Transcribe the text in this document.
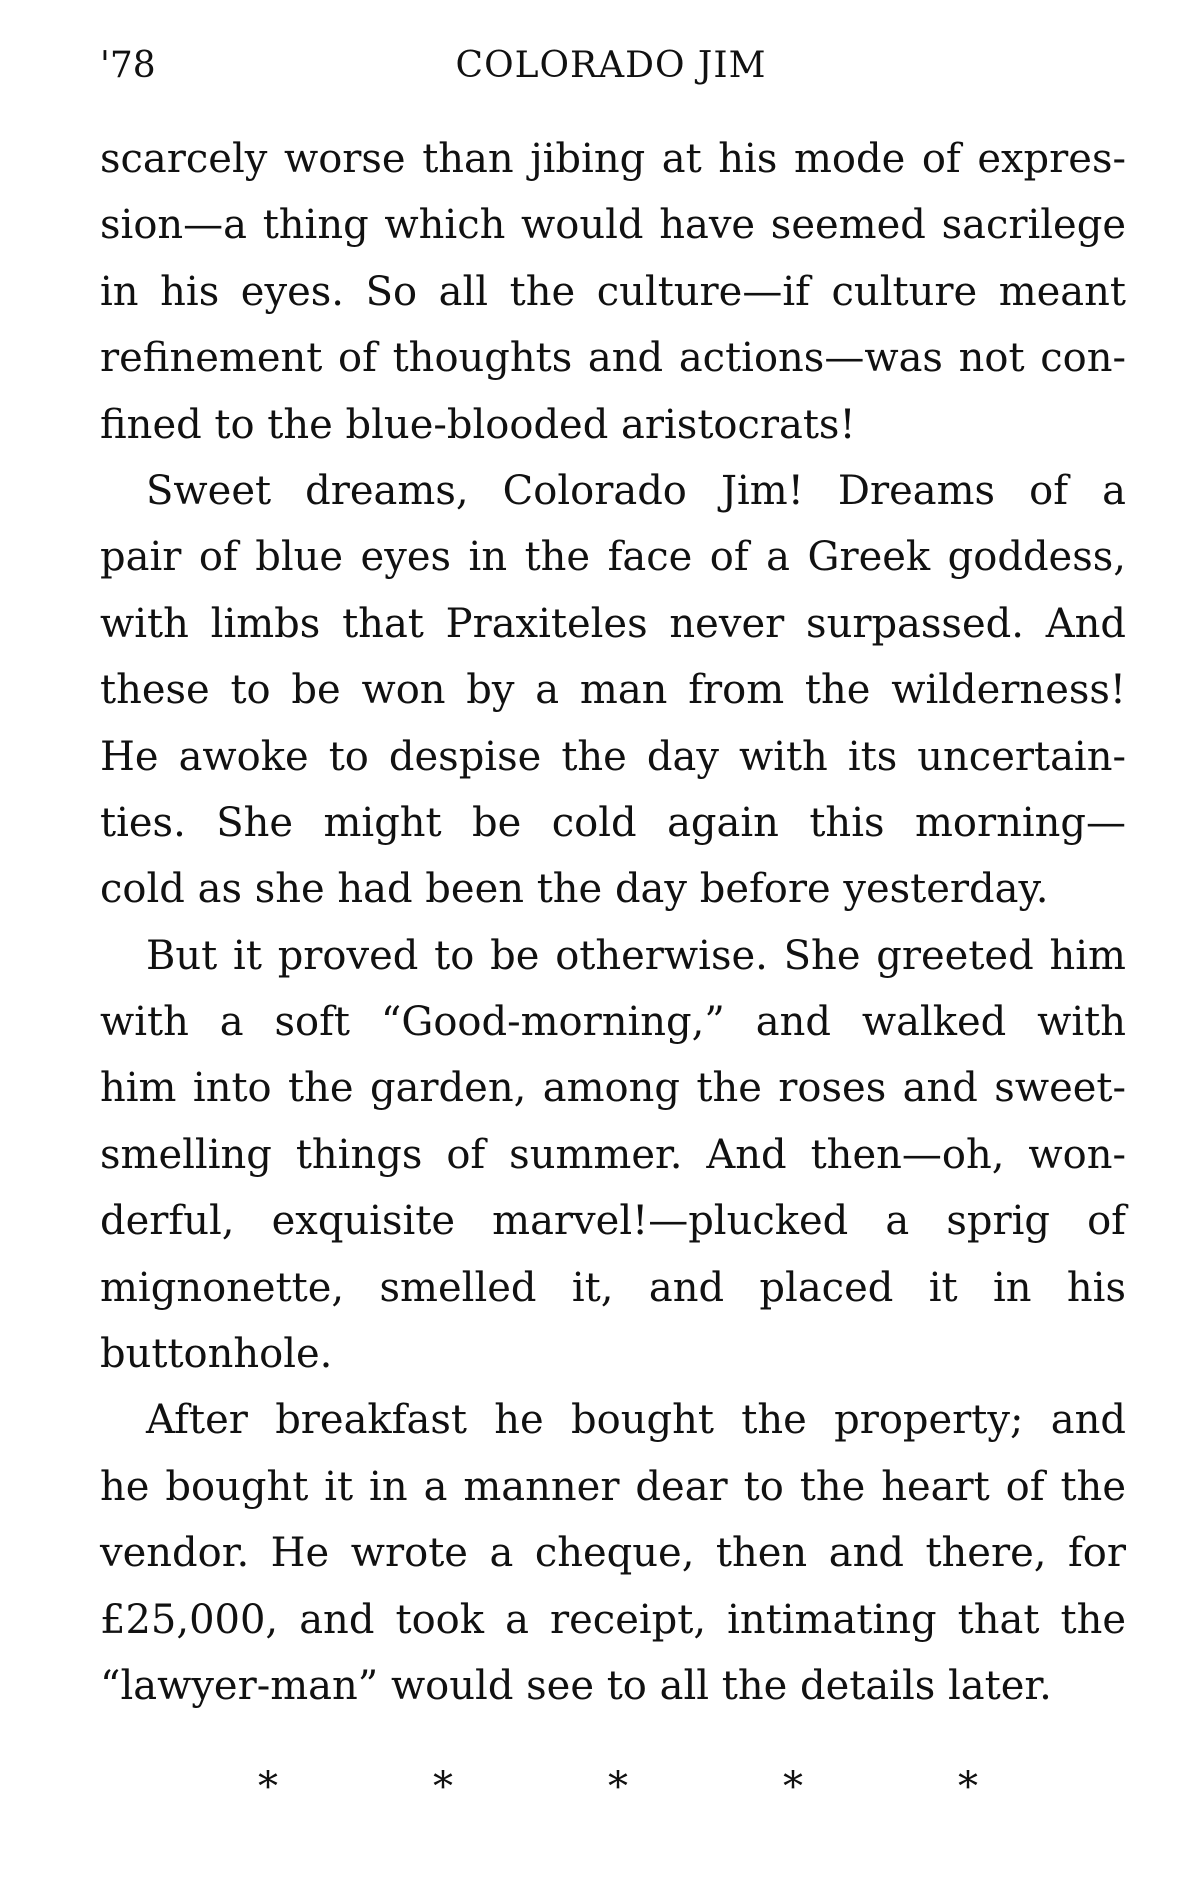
'78	COLORADO JIM
scarcely worse than jibing at his mode of expres-
sion—a thing which would have seemed sacrilege
in his eyes. So all the culture—if culture meant
refinement of thoughts and actions—was not con-
fined to the blue-blooded aristocrats!
Sweet dreams, Colorado Jim! Dreams of a
pair of blue eyes in the face of a Greek goddess,
with limbs that Praxiteles never surpassed. And
these to be won by a man from the wilderness!
He awoke to despise the day with its uncertain-
ties. She might be cold again this morning—
cold as she had been the day before yesterday.
But it proved to be otherwise. She greeted him
with a soft “Good-morning,” and walked with
him into the garden, among the roses and sweet-
smelling things of summer. And then—oh, won-
derful, exquisite marvel!—plucked a sprig of
mignonette, smelled it, and placed it in his
buttonhole.
After breakfast he bought the property; and
he bought it in a manner dear to the heart of the
vendor. He wrote a cheque, then and there, for
£25,000, and took a receipt, intimating that the
“lawyer-man” would see to all the details later.
*	*	*	*	*
